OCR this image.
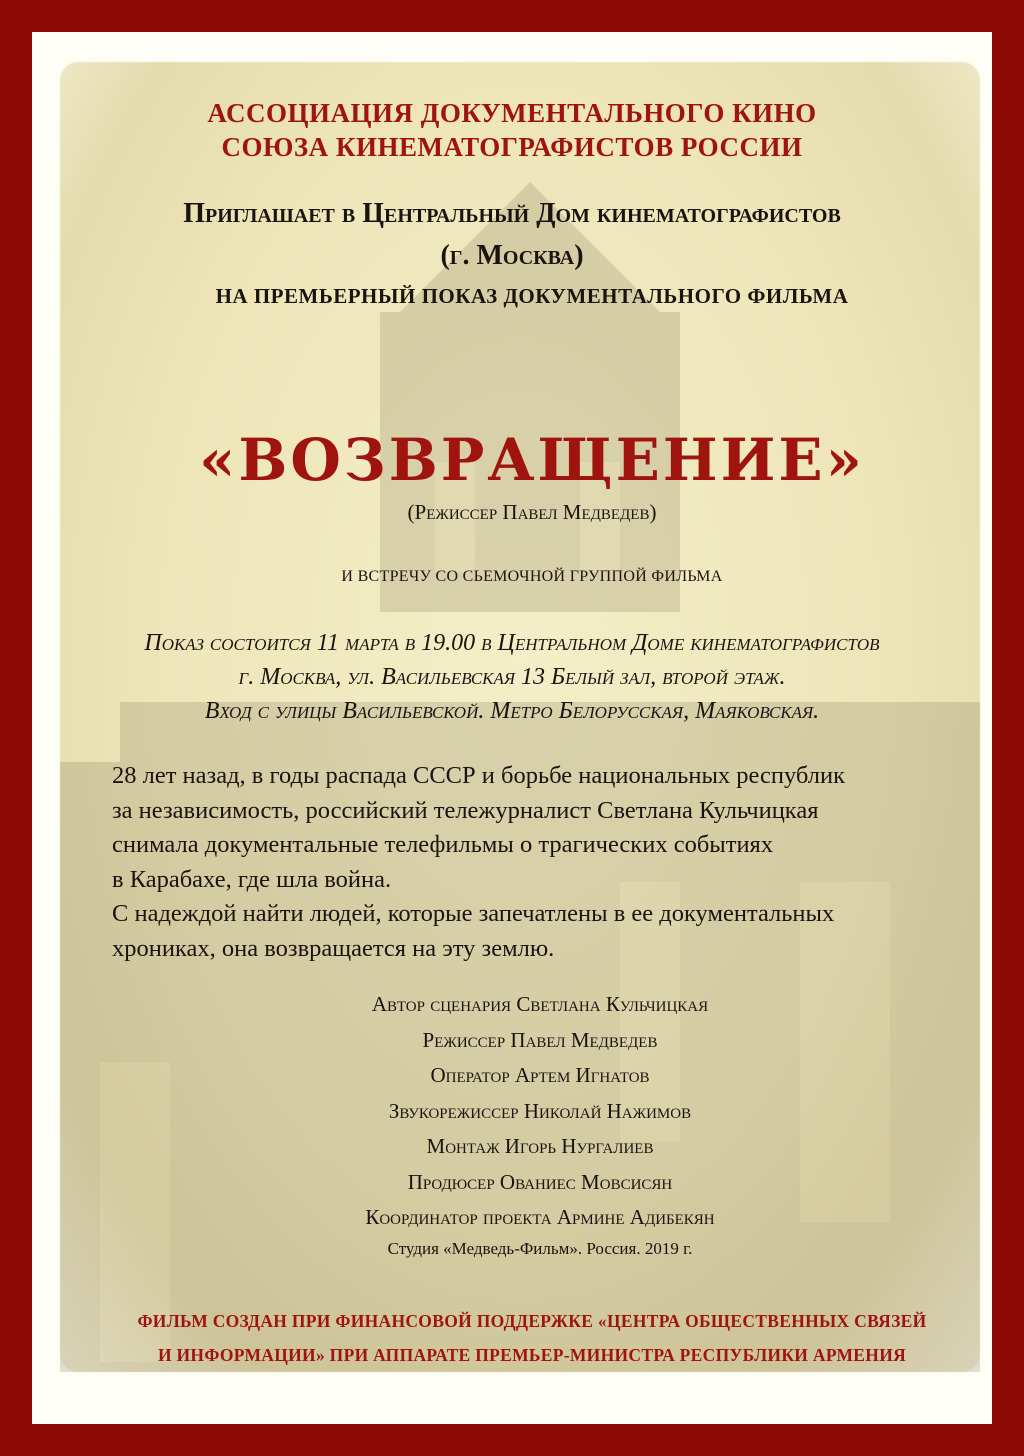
АССОЦИАЦИЯ ДОКУМЕНТАЛЬНОГО КИНО
СОЮЗА КИНЕМАТОГРАФИСТОВ РОССИИ
Приглашает в Центральный Дом кинематографистов
(г. Москва)
НА ПРЕМЬЕРНЫЙ ПОКАЗ ДОКУМЕНТАЛЬНОГО ФИЛЬМА
«ВОЗВРАЩЕНИЕ»
(Режиссер Павел Медведев)
И ВСТРЕЧУ СО СЬЕМОЧНОЙ ГРУППОЙ ФИЛЬМА
Показ состоится 11 марта в 19.00 в Центральном Доме кинематографистов
г. Москва, ул. Васильевская 13 Белый зал, второй этаж.
Вход с улицы Васильевской. Метро Белорусская, Маяковская.
28 лет назад, в годы распада СССР и борьбе национальных республик
за независимость, российский тележурналист Светлана Кульчицкая
снимала документальные телефильмы о трагических событиях
в Карабахе, где шла война.
С надеждой найти людей, которые запечатлены в ее документальных
хрониках, она возвращается на эту землю.
Автор сценария Светлана Кульчицкая
Режиссер Павел Медведев
Оператор Артем Игнатов
Звукорежиссер Николай Нажимов
Монтаж Игорь Нургалиев
Продюсер Ованиес Мовсисян
Координатор проекта Армине Адибекян
Студия «Медведь-Фильм». Россия. 2019 г.
ФИЛЬМ СОЗДАН ПРИ ФИНАНСОВОЙ ПОДДЕРЖКЕ «ЦЕНТРА ОБЩЕСТВЕННЫХ СВЯЗЕЙ
И ИНФОРМАЦИИ» ПРИ АППАРАТЕ ПРЕМЬЕР-МИНИСТРА РЕСПУБЛИКИ АРМЕНИЯ
